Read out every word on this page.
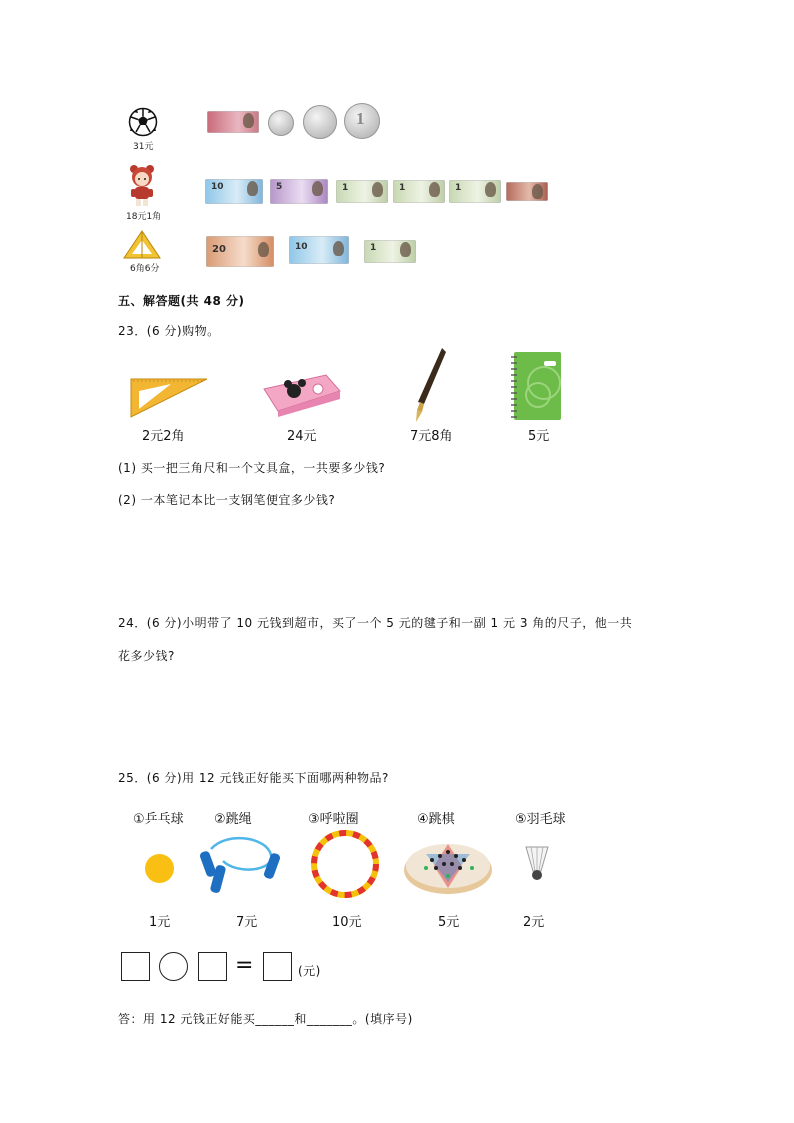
31元
1
18元1角
10	5	1	1	1
6角6分
20	10	1
五、解答题(共 48 分)
23．(6 分)购物。
2元2角	24元	7元8角	5元
(1) 买一把三角尺和一个文具盒，一共要多少钱?
(2) 一本笔记本比一支钢笔便宜多少钱?
24．(6 分)小明带了 10 元钱到超市，买了一个 5 元的毽子和一副 1 元 3 角的尺子，他一共
花多少钱?
25．(6 分)用 12 元钱正好能买下面哪两种物品?
①乒乓球 ②跳绳	③呼啦圈	④跳棋	⑤羽毛球
1元	7元	10元	5元	2元
=	(元)
答：用 12 元钱正好能买______和_______。(填序号)
